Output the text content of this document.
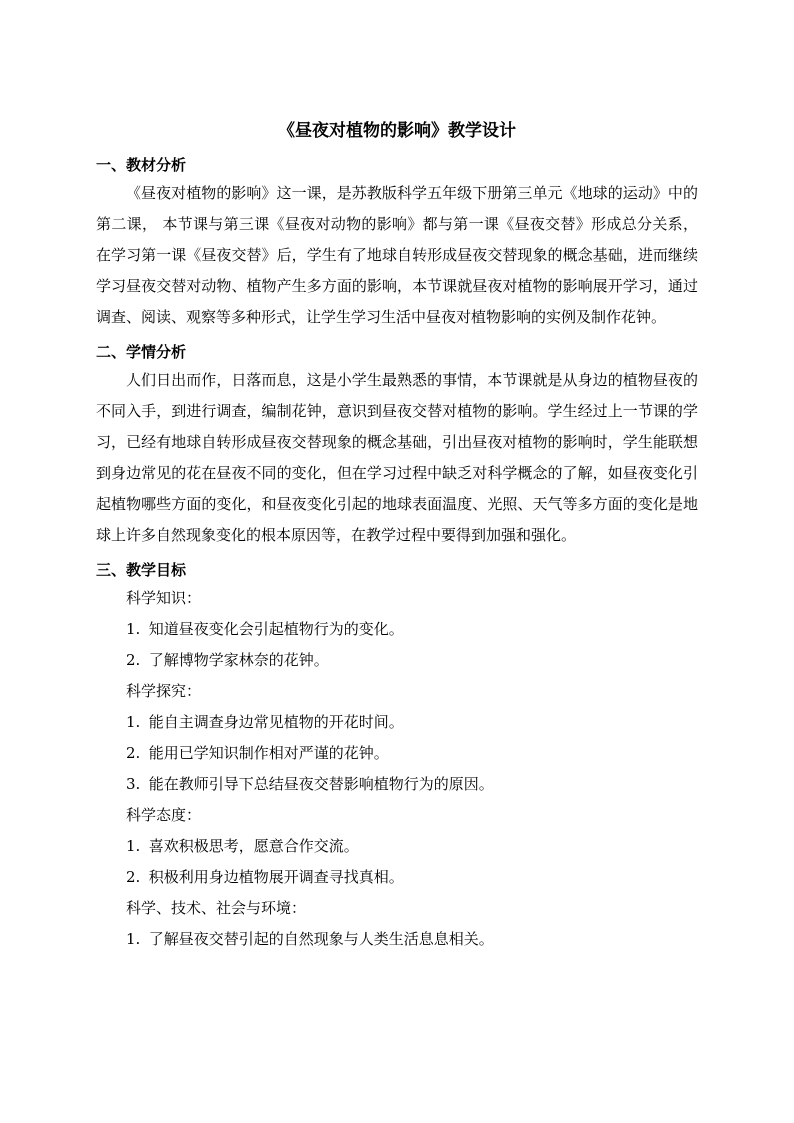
《昼夜对植物的影响》教学设计
一、教材分析

《昼夜对植物的影响》这一课，是苏教版科学五年级下册第三单元《地球的运动》中的第二课， 本节课与第三课《昼夜对动物的影响》都与第一课《昼夜交替》形成总分关系，在学习第一课《昼夜交替》后，学生有了地球自转形成昼夜交替现象的概念基础，进而继续学习昼夜交替对动物、植物产生多方面的影响，本节课就昼夜对植物的影响展开学习，通过调查、阅读、观察等多种形式，让学生学习生活中昼夜对植物影响的实例及制作花钟。

二、学情分析

人们日出而作，日落而息，这是小学生最熟悉的事情，本节课就是从身边的植物昼夜的不同入手，到进行调查，编制花钟，意识到昼夜交替对植物的影响。学生经过上一节课的学习，已经有地球自转形成昼夜交替现象的概念基础，引出昼夜对植物的影响时，学生能联想到身边常见的花在昼夜不同的变化，但在学习过程中缺乏对科学概念的了解，如昼夜变化引起植物哪些方面的变化，和昼夜变化引起的地球表面温度、光照、天气等多方面的变化是地球上许多自然现象变化的根本原因等，在教学过程中要得到加强和强化。

三、教学目标

科学知识：

1. 知道昼夜变化会引起植物行为的变化。

2. 了解博物学家林奈的花钟。

科学探究：

1. 能自主调查身边常见植物的开花时间。

2. 能用已学知识制作相对严谨的花钟。

3. 能在教师引导下总结昼夜交替影响植物行为的原因。

科学态度：

1. 喜欢积极思考，愿意合作交流。

2. 积极利用身边植物展开调查寻找真相。

科学、技术、社会与环境：

1. 了解昼夜交替引起的自然现象与人类生活息息相关。
